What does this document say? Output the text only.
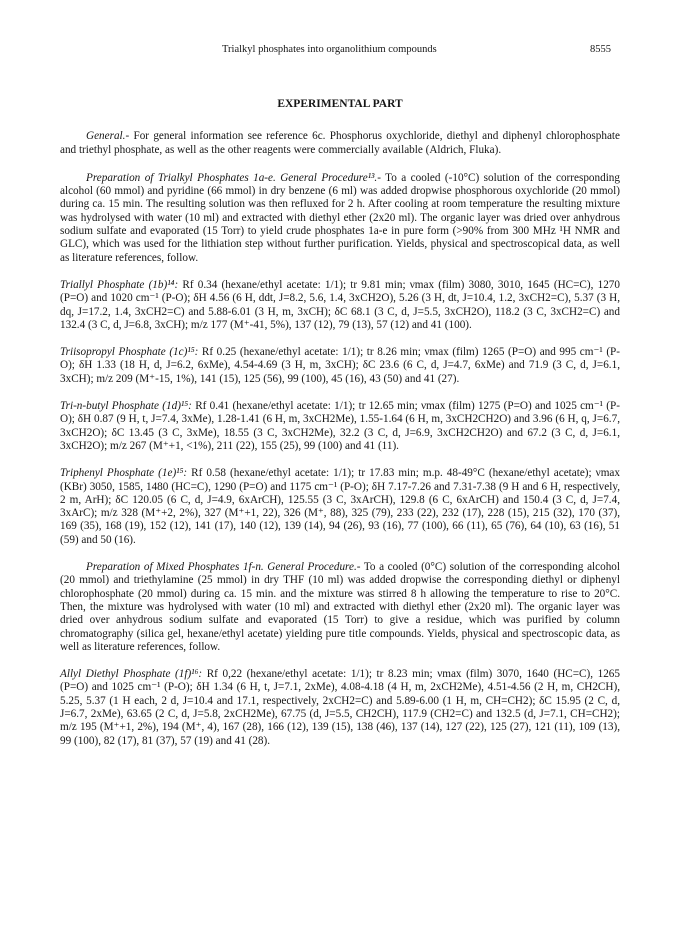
Trialkyl phosphates into organolithium compounds	8555
EXPERIMENTAL PART

General.- For general information see reference 6c. Phosphorus oxychloride, diethyl and diphenyl chlorophosphate and triethyl phosphate, as well as the other reagents were commercially available (Aldrich, Fluka).

Preparation of Trialkyl Phosphates 1a-e. General Procedure¹³.- To a cooled (-10°C) solution of the corresponding alcohol (60 mmol) and pyridine (66 mmol) in dry benzene (6 ml) was added dropwise phosphorous oxychloride (20 mmol) during ca. 15 min. The resulting solution was then refluxed for 2 h. After cooling at room temperature the resulting mixture was hydrolysed with water (10 ml) and extracted with diethyl ether (2x20 ml). The organic layer was dried over anhydrous sodium sulfate and evaporated (15 Torr) to yield crude phosphates 1a-e in pure form (>90% from 300 MHz ¹H NMR and GLC), which was used for the lithiation step without further purification. Yields, physical and spectroscopical data, as well as literature references, follow.

Triallyl Phosphate (1b)¹⁴: Rf 0.34 (hexane/ethyl acetate: 1/1); tr 9.81 min; νmax (film) 3080, 3010, 1645 (HC=C), 1270 (P=O) and 1020 cm⁻¹ (P-O); δH 4.56 (6 H, ddt, J=8.2, 5.6, 1.4, 3xCH2O), 5.26 (3 H, dt, J=10.4, 1.2, 3xCH2=C), 5.37 (3 H, dq, J=17.2, 1.4, 3xCH2=C) and 5.88-6.01 (3 H, m, 3xCH); δC 68.1 (3 C, d, J=5.5, 3xCH2O), 118.2 (3 C, 3xCH2=C) and 132.4 (3 C, d, J=6.8, 3xCH); m/z 177 (M⁺-41, 5%), 137 (12), 79 (13), 57 (12) and 41 (100).

Triisopropyl Phosphate (1c)¹⁵: Rf 0.25 (hexane/ethyl acetate: 1/1); tr 8.26 min; νmax (film) 1265 (P=O) and 995 cm⁻¹ (P-O); δH 1.33 (18 H, d, J=6.2, 6xMe), 4.54-4.69 (3 H, m, 3xCH); δC 23.6 (6 C, d, J=4.7, 6xMe) and 71.9 (3 C, d, J=6.1, 3xCH); m/z 209 (M⁺-15, 1%), 141 (15), 125 (56), 99 (100), 45 (16), 43 (50) and 41 (27).

Tri-n-butyl Phosphate (1d)¹⁵: Rf 0.41 (hexane/ethyl acetate: 1/1); tr 12.65 min; νmax (film) 1275 (P=O) and 1025 cm⁻¹ (P-O); δH 0.87 (9 H, t, J=7.4, 3xMe), 1.28-1.41 (6 H, m, 3xCH2Me), 1.55-1.64 (6 H, m, 3xCH2CH2O) and 3.96 (6 H, q, J=6.7, 3xCH2O); δC 13.45 (3 C, 3xMe), 18.55 (3 C, 3xCH2Me), 32.2 (3 C, d, J=6.9, 3xCH2CH2O) and 67.2 (3 C, d, J=6.1, 3xCH2O); m/z 267 (M⁺+1, <1%), 211 (22), 155 (25), 99 (100) and 41 (11).

Triphenyl Phosphate (1e)¹⁵: Rf 0.58 (hexane/ethyl acetate: 1/1); tr 17.83 min; m.p. 48-49°C (hexane/ethyl acetate); νmax (KBr) 3050, 1585, 1480 (HC=C), 1290 (P=O) and 1175 cm⁻¹ (P-O); δH 7.17-7.26 and 7.31-7.38 (9 H and 6 H, respectively, 2 m, ArH); δC 120.05 (6 C, d, J=4.9, 6xArCH), 125.55 (3 C, 3xArCH), 129.8 (6 C, 6xArCH) and 150.4 (3 C, d, J=7.4, 3xArC); m/z 328 (M⁺+2, 2%), 327 (M⁺+1, 22), 326 (M⁺, 88), 325 (79), 233 (22), 232 (17), 228 (15), 215 (32), 170 (37), 169 (35), 168 (19), 152 (12), 141 (17), 140 (12), 139 (14), 94 (26), 93 (16), 77 (100), 66 (11), 65 (76), 64 (10), 63 (16), 51 (59) and 50 (16).

Preparation of Mixed Phosphates 1f-n. General Procedure.- To a cooled (0°C) solution of the corresponding alcohol (20 mmol) and triethylamine (25 mmol) in dry THF (10 ml) was added dropwise the corresponding diethyl or diphenyl chlorophosphate (20 mmol) during ca. 15 min. and the mixture was stirred 8 h allowing the temperature to rise to 20°C. Then, the mixture was hydrolysed with water (10 ml) and extracted with diethyl ether (2x20 ml). The organic layer was dried over anhydrous sodium sulfate and evaporated (15 Torr) to give a residue, which was purified by column chromatography (silica gel, hexane/ethyl acetate) yielding pure title compounds. Yields, physical and spectroscopic data, as well as literature references, follow.

Allyl Diethyl Phosphate (1f)¹⁶: Rf 0,22 (hexane/ethyl acetate: 1/1); tr 8.23 min; νmax (film) 3070, 1640 (HC=C), 1265 (P=O) and 1025 cm⁻¹ (P-O); δH 1.34 (6 H, t, J=7.1, 2xMe), 4.08-4.18 (4 H, m, 2xCH2Me), 4.51-4.56 (2 H, m, CH2CH), 5.25, 5.37 (1 H each, 2 d, J=10.4 and 17.1, respectively, 2xCH2=C) and 5.89-6.00 (1 H, m, CH=CH2); δC 15.95 (2 C, d, J=6.7, 2xMe), 63.65 (2 C, d, J=5.8, 2xCH2Me), 67.75 (d, J=5.5, CH2CH), 117.9 (CH2=C) and 132.5 (d, J=7.1, CH=CH2); m/z 195 (M⁺+1, 2%), 194 (M⁺, 4), 167 (28), 166 (12), 139 (15), 138 (46), 137 (14), 127 (22), 125 (27), 121 (11), 109 (13), 99 (100), 82 (17), 81 (37), 57 (19) and 41 (28).
